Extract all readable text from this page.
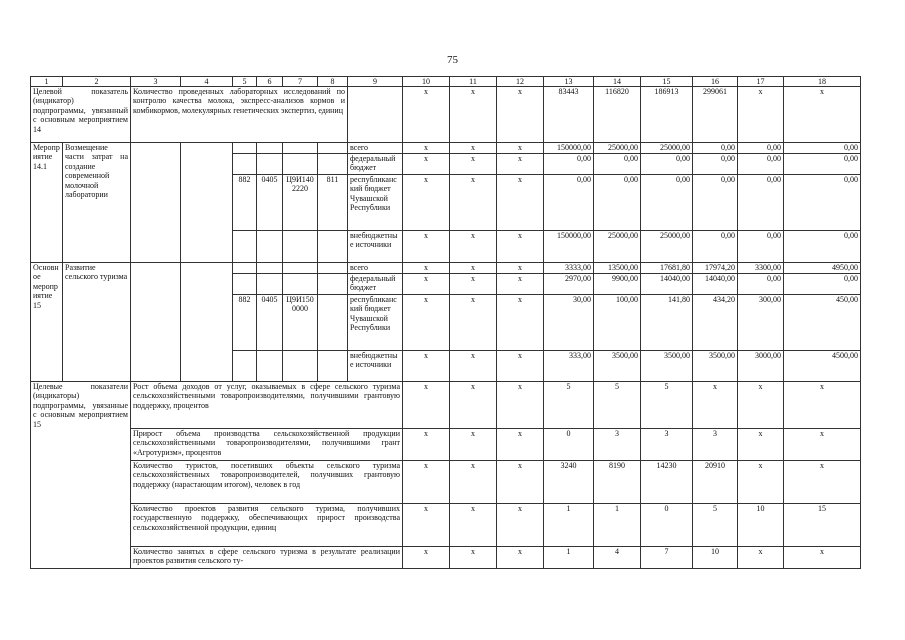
75
1	2	3	4	5	6	7	8	9	10	11	12	13	14	15	16	17	18
Целевой показатель (индикатор) подпрограммы, увязанный с основным мероприятием 14		Количество проведенных лабораторных исследований по контролю качества молока, экспресс-анализов кормов и комбикормов, молекулярных генетических экспертиз, единиц							x	x	x	83443	116820	186913	299061	x	x
Мероприятие 14.1	Возмещение части затрат на создание современной молочной лаборатории							всего	x	x	x	150000,00	25000,00	25000,00	0,00	0,00	0,00
								федеральный бюджет	x	x	x	0,00	0,00	0,00	0,00	0,00	0,00
				882	0405	Ц9И1402220	811	республиканский бюджет Чувашской Республики	x	x	x	0,00	0,00	0,00	0,00	0,00	0,00
								внебюджетные источники	x	x	x	150000,00	25000,00	25000,00	0,00	0,00	0,00
Основное мероприятие 15	Развитие сельского туризма							всего	x	x	x	3333,00	13500,00	17681,80	17974,20	3300,00	4950,00
								федеральный бюджет	x	x	x	2970,00	9900,00	14040,00	14040,00	0,00	0,00
				882	0405	Ц9И1500000		республиканский бюджет Чувашской Республики	x	x	x	30,00	100,00	141,80	434,20	300,00	450,00
								внебюджетные источники	x	x	x	333,00	3500,00	3500,00	3500,00	3000,00	4500,00
Целевые показатели (индикаторы) подпрограммы, увязанные с основным мероприятием 15		Рост объема доходов от услуг, оказываемых в сфере сельского туризма сельскохозяйственными товаропроизводителями, получившими грантовую поддержку, процентов							x	x	x	5	5	5	x	x	x
		Прирост объема производства сельскохозяйственной продукции сельскохозяйственными товаропроизводителями, получившими грант «Агротуризм», процентов							x	x	x	0	3	3	3	x	x
		Количество туристов, посетивших объекты сельского туризма сельскохозяйственных товаропроизводителей, получивших грантовую поддержку (нарастающим итогом), человек в год							x	x	x	3240	8190	14230	20910	x	x
		Количество проектов развития сельского туризма, получивших государственную поддержку, обеспечивающих прирост производства сельскохозяйственной продукции, единиц							x	x	x	1	1	0	5	10	15
		Количество занятых в сфере сельского туризма в результате реализации проектов развития сельского ту-							x	x	x	1	4	7	10	x	x
